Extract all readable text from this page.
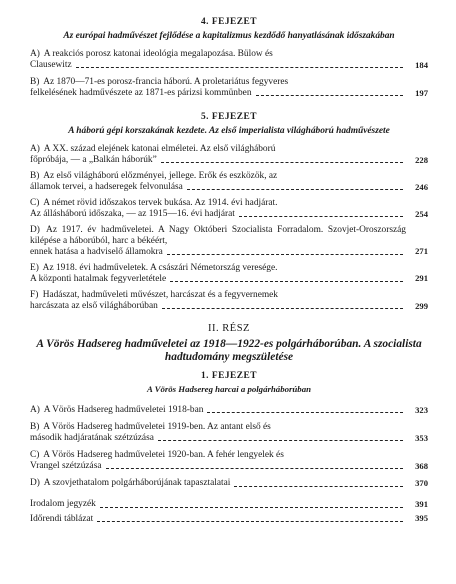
4. FEJEZET
Az európai hadművészet fejlődése a kapitalizmus kezdődő hanyatlásának időszakában
A) A reakciós porosz katonai ideológia megalapozása. Bülow és
Clausewitz	184
B) Az 1870—71-es porosz-francia háború. A proletariátus fegyveres
felkelésének hadművészete az 1871-es párizsi kommünben	197
5. FEJEZET
A háború gépi korszakának kezdete. Az első imperialista világháború hadművészete
A) A XX. század elejének katonai elméletei. Az első világháború
főpróbája, — a „Balkán háborúk”	228
B) Az első világháború előzményei, jellege. Erők és eszközök, az
államok tervei, a hadseregek felvonulása	246
C) A német rövid időszakos tervek bukása. Az 1914. évi hadjárat.
Az állásháború időszaka, — az 1915—16. évi hadjárat	254
D) Az 1917. év hadműveletei. A Nagy Októberi Szocialista Forradalom. Szovjet-Oroszország kilépése a háborúból, harc a békéért,
ennek hatása a hadviselő államokra	271
E) Az 1918. évi hadműveletek. A császári Németország veresége.
A központi hatalmak fegyverletétele	291
F) Hadászat, hadműveleti művészet, harcászat és a fegyvernemek
harcászata az első világháborúban	299
II. RÉSZ
A Vörös Hadsereg hadműveletei az 1918—1922-es polgárháborúban. A szocialista hadtudomány megszületése
1. FEJEZET
A Vörös Hadsereg harcai a polgárháborúban
A) A Vörös Hadsereg hadműveletei 1918-ban	323
B) A Vörös Hadsereg hadműveletei 1919-ben. Az antant első és
második hadjáratának szétzúzása	353
C) A Vörös Hadsereg hadműveletei 1920-ban. A fehér lengyelek és
Vrangel szétzúzása	368
D) A szovjethatalom polgárháborújának tapasztalatai	370
Irodalom jegyzék	391
Időrendi táblázat	395
